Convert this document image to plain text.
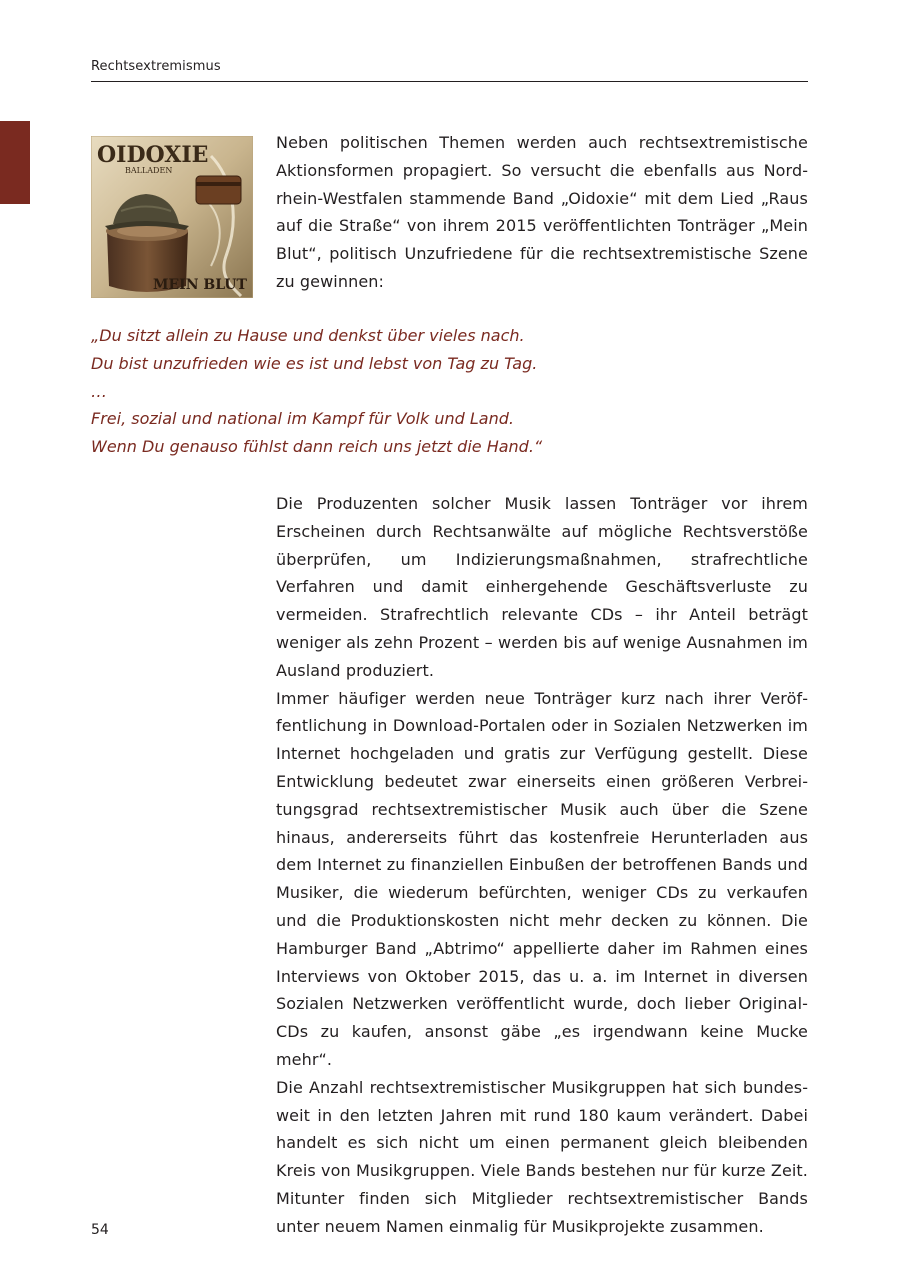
Rechtsextremismus
OIDOXIE
BALLADEN
MEIN BLUT

Neben politischen Themen werden auch rechtsextremistische Aktionsformen propagiert. So versucht die ebenfalls aus Nordrhein-Westfalen stammende Band „Oidoxie“ mit dem Lied „Raus auf die Straße“ von ihrem 2015 veröffentlichten Tonträger „Mein Blut“, politisch Unzufriedene für die rechtsextremistische Szene zu gewinnen:

„Du sitzt allein zu Hause und denkst über vieles nach.
Du bist unzufrieden wie es ist und lebst von Tag zu Tag.
…
Frei, sozial und national im Kampf für Volk und Land.
Wenn Du genauso fühlst dann reich uns jetzt die Hand.“

Die Produzenten solcher Musik lassen Tonträger vor ihrem Erscheinen durch Rechtsanwälte auf mögliche Rechtsverstöße überprüfen, um Indizierungsmaßnahmen, strafrechtliche Verfahren und damit einhergehende Geschäftsverluste zu vermeiden. Strafrechtlich relevante CDs – ihr Anteil beträgt weniger als zehn Prozent – werden bis auf wenige Ausnahmen im Ausland produziert.

Immer häufiger werden neue Tonträger kurz nach ihrer Veröffentlichung in Download-Portalen oder in Sozialen Netzwerken im Internet hochgeladen und gratis zur Verfügung gestellt. Diese Entwicklung bedeutet zwar einerseits einen größeren Verbreitungsgrad rechtsextremistischer Musik auch über die Szene hinaus, andererseits führt das kostenfreie Herunterladen aus dem Internet zu finanziellen Einbußen der betroffenen Bands und Musiker, die wiederum befürchten, weniger CDs zu verkaufen und die Produktionskosten nicht mehr decken zu können. Die Hamburger Band „Abtrimo“ appellierte daher im Rahmen eines Interviews von Oktober 2015, das u. a. im Internet in diversen Sozialen Netzwerken veröffentlicht wurde, doch lieber Original-CDs zu kaufen, ansonst gäbe „es irgendwann keine Mucke mehr“.

Die Anzahl rechtsextremistischer Musikgruppen hat sich bundesweit in den letzten Jahren mit rund 180 kaum verändert. Dabei handelt es sich nicht um einen permanent gleich bleibenden Kreis von Musikgruppen. Viele Bands bestehen nur für kurze Zeit. Mitunter finden sich Mitglieder rechtsextremistischer Bands unter neuem Namen einmalig für Musikprojekte zusammen.

54
